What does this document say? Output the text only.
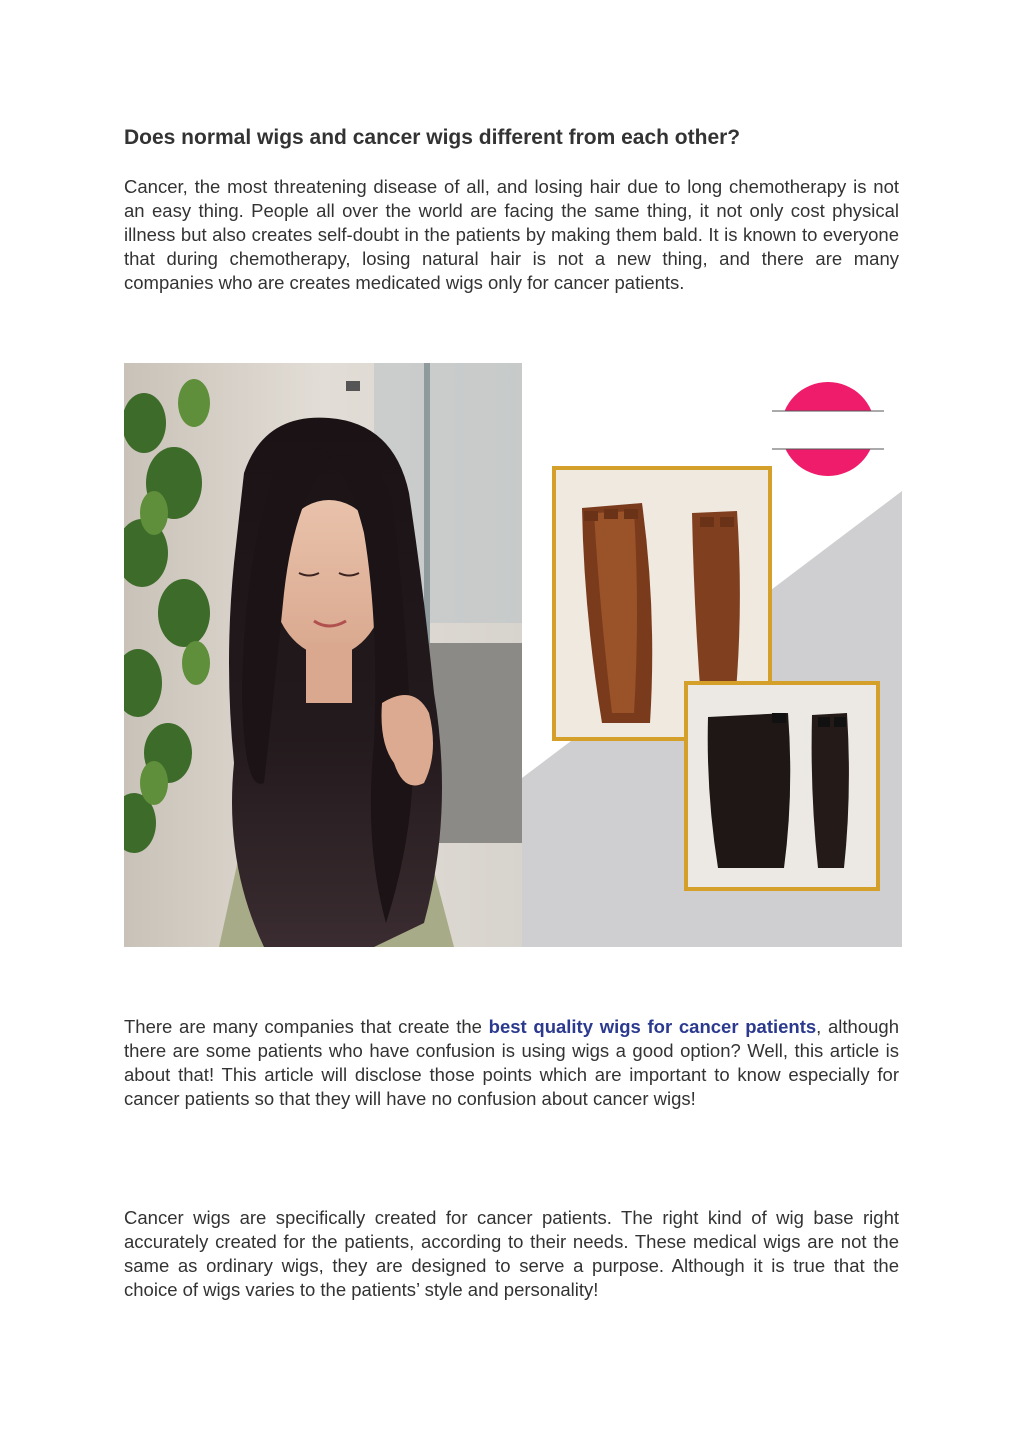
Does normal wigs and cancer wigs different from each other?

Cancer, the most threatening disease of all, and losing hair due to long chemotherapy is not an easy thing. People all over the world are facing the same thing, it not only cost physical illness but also creates self-doubt in the patients by making them bald. It is known to everyone that during chemotherapy, losing natural hair is not a new thing, and there are many companies who are creates medicated wigs only for cancer patients.

There are many companies that create the best quality wigs for cancer patients, although there are some patients who have confusion is using wigs a good option? Well, this article is about that! This article will disclose those points which are important to know especially for cancer patients so that they will have no confusion about cancer wigs!

Cancer wigs are specifically created for cancer patients. The right kind of wig base right accurately created for the patients, according to their needs. These medical wigs are not the same as ordinary wigs, they are designed to serve a purpose. Although it is true that the choice of wigs varies to the patients’ style and personality!
